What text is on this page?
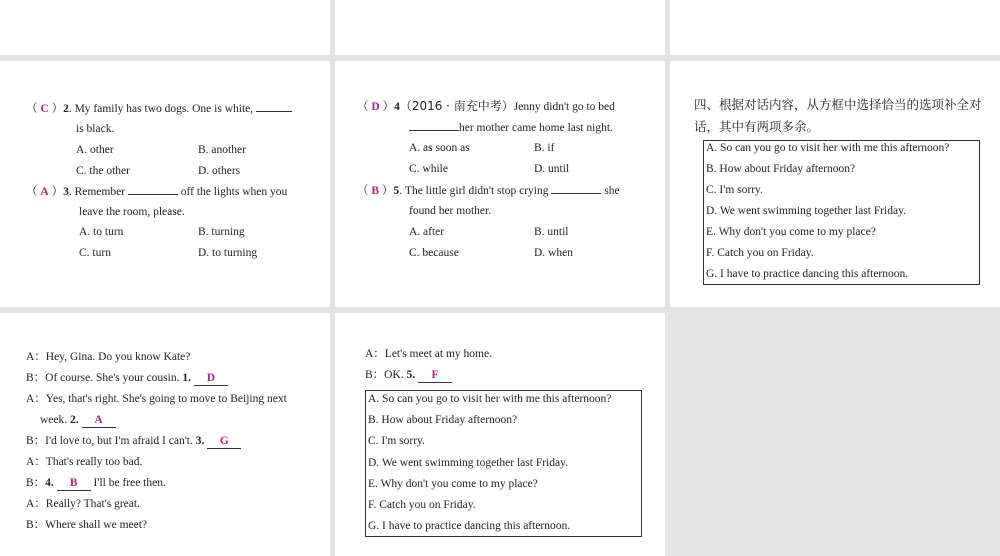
（ C ）2. My family has two dogs. One is white,
is black.
A. other	B. another
C. the other	D. others
（ A ）3. Remember	off the lights when you
leave the room, please.
A. to turn	B. turning
C. turn	D. to turning
（ D ）4（2016 · 南充中考）Jenny didn't go to bed
her mother came home last night.
A. as soon as	B. if
C. while	D. until
（ B ）5. The little girl didn't stop crying	she
found her mother.
A. after	B. until
C. because	D. when
四、根据对话内容，从方框中选择恰当的选项补全对
话，其中有两项多余。
A. So can you go to visit her with me this afternoon?
B. How about Friday afternoon?
C. I'm sorry.
D. We went swimming together last Friday.
E. Why don't you come to my place?
F. Catch you on Friday.
G. I have to practice dancing this afternoon.
A：Hey, Gina. Do you know Kate?
B：Of course. She's your cousin. 1. D
A：Yes, that's right. She's going to move to Beijing next
week. 2. A
B：I'd love to, but I'm afraid I can't. 3. G
A：That's really too bad.
B：4. B I'll be free then.
A：Really? That's great.
B：Where shall we meet?
A：Let's meet at my home.
B：OK. 5. F
A. So can you go to visit her with me this afternoon?
B. How about Friday afternoon?
C. I'm sorry.
D. We went swimming together last Friday.
E. Why don't you come to my place?
F. Catch you on Friday.
G. I have to practice dancing this afternoon.
